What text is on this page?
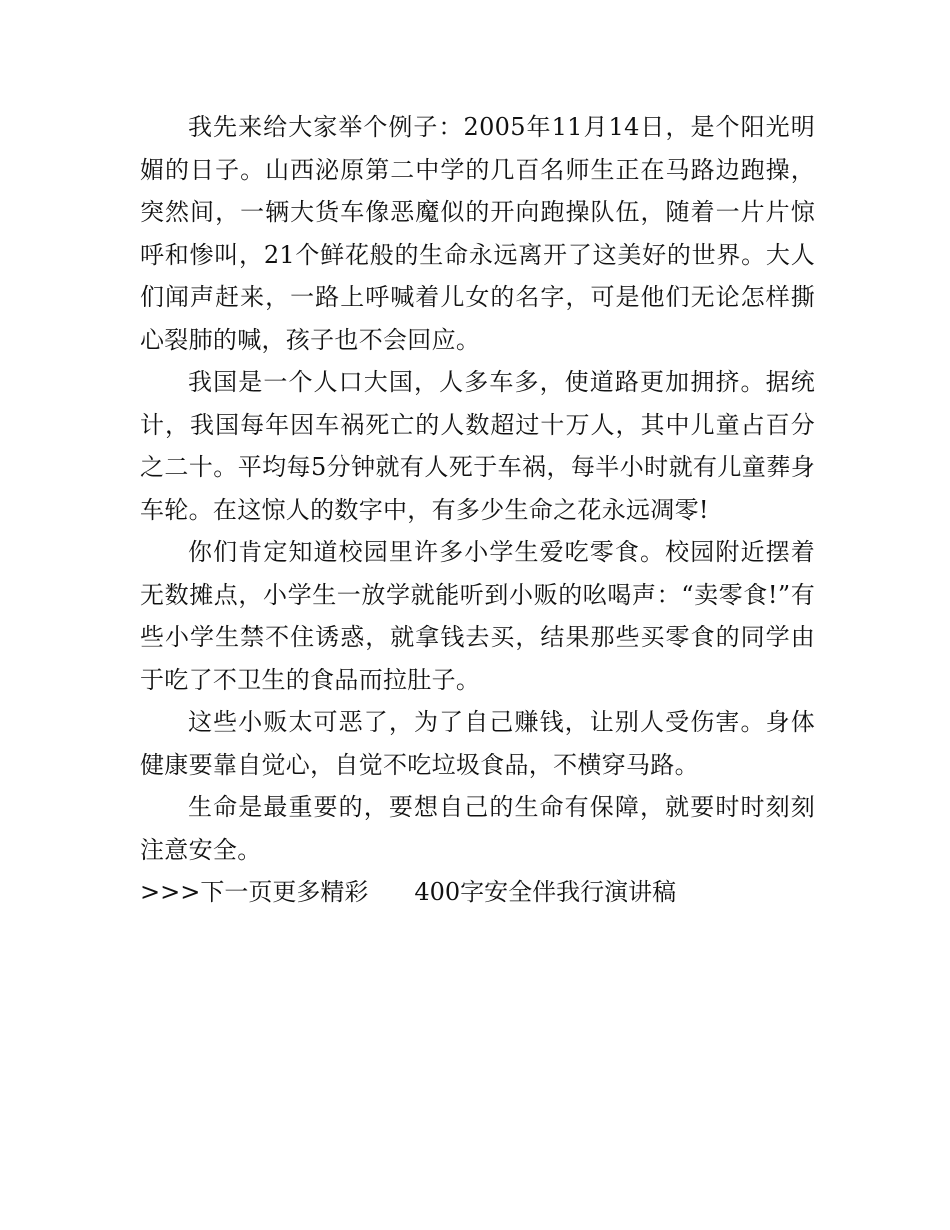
我先来给大家举个例子：2005年11月14日，是个阳光明媚的日子。山西泌原第二中学的几百名师生正在马路边跑操，突然间，一辆大货车像恶魔似的开向跑操队伍，随着一片片惊呼和惨叫，21个鲜花般的生命永远离开了这美好的世界。大人们闻声赶来，一路上呼喊着儿女的名字，可是他们无论怎样撕心裂肺的喊，孩子也不会回应。

我国是一个人口大国，人多车多，使道路更加拥挤。据统计，我国每年因车祸死亡的人数超过十万人，其中儿童占百分之二十。平均每5分钟就有人死于车祸，每半小时就有儿童葬身车轮。在这惊人的数字中，有多少生命之花永远凋零!

你们肯定知道校园里许多小学生爱吃零食。校园附近摆着无数摊点，小学生一放学就能听到小贩的吆喝声：“卖零食!”有些小学生禁不住诱惑，就拿钱去买，结果那些买零食的同学由于吃了不卫生的食品而拉肚子。

这些小贩太可恶了，为了自己赚钱，让别人受伤害。身体健康要靠自觉心，自觉不吃垃圾食品，不横穿马路。

生命是最重要的，要想自己的生命有保障，就要时时刻刻注意安全。

>>>下一页更多精彩 400字安全伴我行演讲稿
